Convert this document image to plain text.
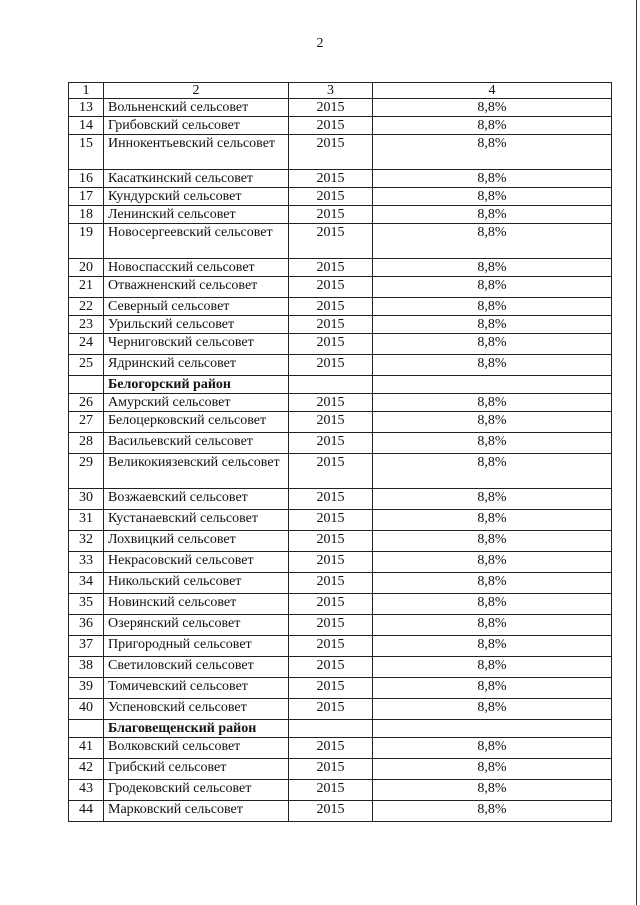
2
1	2	3	4
13	Вольненский сельсовет	2015	8,8%
14	Грибовский сельсовет	2015	8,8%
15	Иннокентьевский сельсовет	2015	8,8%
16	Касаткинский сельсовет	2015	8,8%
17	Кундурский сельсовет	2015	8,8%
18	Ленинский сельсовет	2015	8,8%
19	Новосергеевский сельсовет	2015	8,8%
20	Новоспасский сельсовет	2015	8,8%
21	Отважненский сельсовет	2015	8,8%
22	Северный сельсовет	2015	8,8%
23	Урильский сельсовет	2015	8,8%
24	Черниговский сельсовет	2015	8,8%
25	Ядринский сельсовет	2015	8,8%
	Белогорский район		
26	Амурский сельсовет	2015	8,8%
27	Белоцерковский сельсовет	2015	8,8%
28	Васильевский сельсовет	2015	8,8%
29	Великокиязевский сельсовет	2015	8,8%
30	Возжаевский сельсовет	2015	8,8%
31	Кустанаевский сельсовет	2015	8,8%
32	Лохвицкий сельсовет	2015	8,8%
33	Некрасовский сельсовет	2015	8,8%
34	Никольский сельсовет	2015	8,8%
35	Новинский сельсовет	2015	8,8%
36	Озерянский сельсовет	2015	8,8%
37	Пригородный сельсовет	2015	8,8%
38	Светиловский сельсовет	2015	8,8%
39	Томичевский сельсовет	2015	8,8%
40	Успеновский сельсовет	2015	8,8%
	Благовещенский район		
41	Волковский сельсовет	2015	8,8%
42	Грибский сельсовет	2015	8,8%
43	Гродековский сельсовет	2015	8,8%
44	Марковский сельсовет	2015	8,8%
